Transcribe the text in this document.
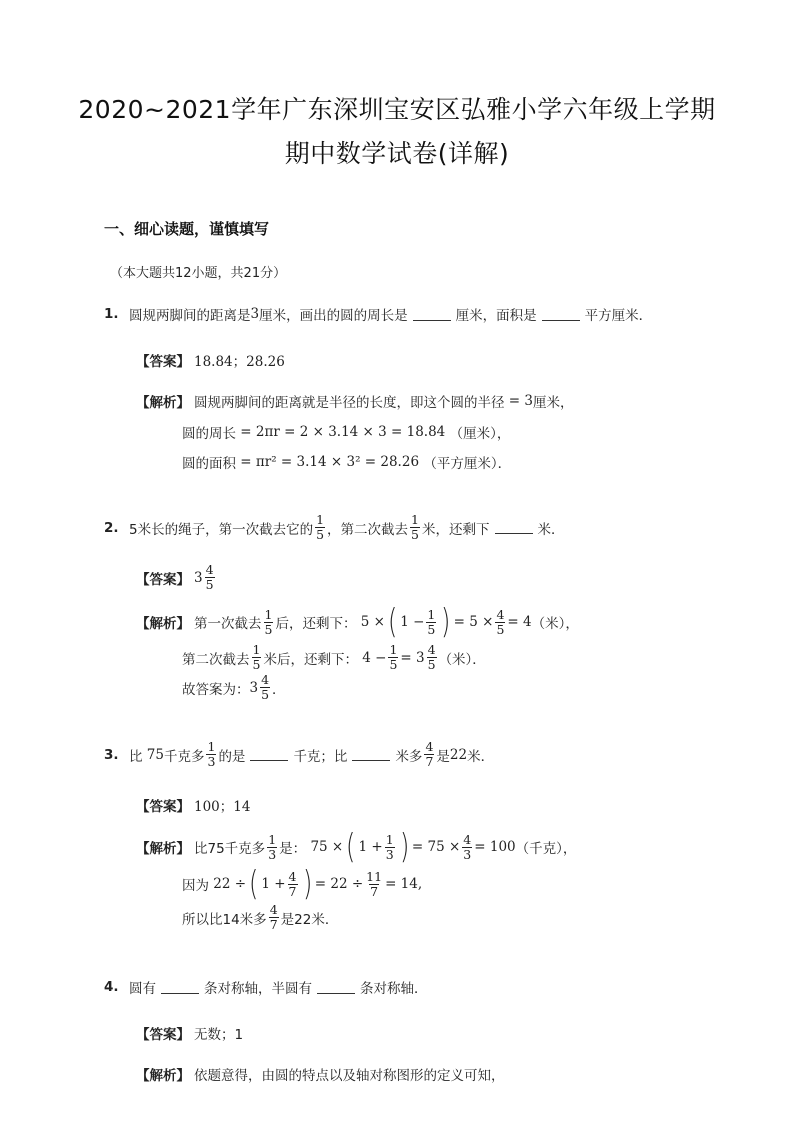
2020~2021学年广东深圳宝安区弘雅小学六年级上学期
期中数学试卷(详解)
一、细心读题，谨慎填写
（本大题共12小题，共21分）
1. 圆规两脚间的距离是 3 厘米，画出的圆的周长是	厘米，面积是	平方厘米．
【答案】 18.84；28.26
【解析】 圆规两脚间的距离就是半径的长度，即这个圆的半径
= 3 厘米，
圆的周长
= 2πr = 2 × 3.14 × 3 = 18.84
（厘米），
圆的面积
= πr² = 3.14 × 3² = 28.26
（平方厘米）．
2. 5米长的绳子，第一次截去它的 $\frac{1}{5}$ ，第二次截去 $\frac{1}{5}$ 米，还剩下	米．
【答案】 $3 \frac{4}{5}$
【解析】 第一次截去 $\frac{1}{5}$ 后，还剩下：
5 × ( $1 - \frac{1}{5}$ ) = $5 \times \frac{4}{5} = 4$ （米），
第二次截去 $\frac{1}{5}$ 米后，还剩下：
$4 - \frac{1}{5} = 3 \frac{4}{5}$ （米）．
故答案为： $3 \frac{4}{5}$ ．
3. 比
75 千克多 $\frac{1}{3}$ 的是	千克；比	米多 $\frac{4}{7}$ 是 22 米．
【答案】 100；14
【解析】 比75千克多 $\frac{1}{3}$ 是：
75 × ( $1 + \frac{1}{3}$ ) = $75 \times \frac{4}{3} = 100$ （千克），
因为
22 ÷ ( $1 + \frac{4}{7}$ ) = $22 \div \frac{11}{7} = 14$,
所以比14米多 $\frac{4}{7}$ 是22米．
4. 圆有	条对称轴，半圆有	条对称轴．
【答案】 无数；1
【解析】 依题意得，由圆的特点以及轴对称图形的定义可知，
